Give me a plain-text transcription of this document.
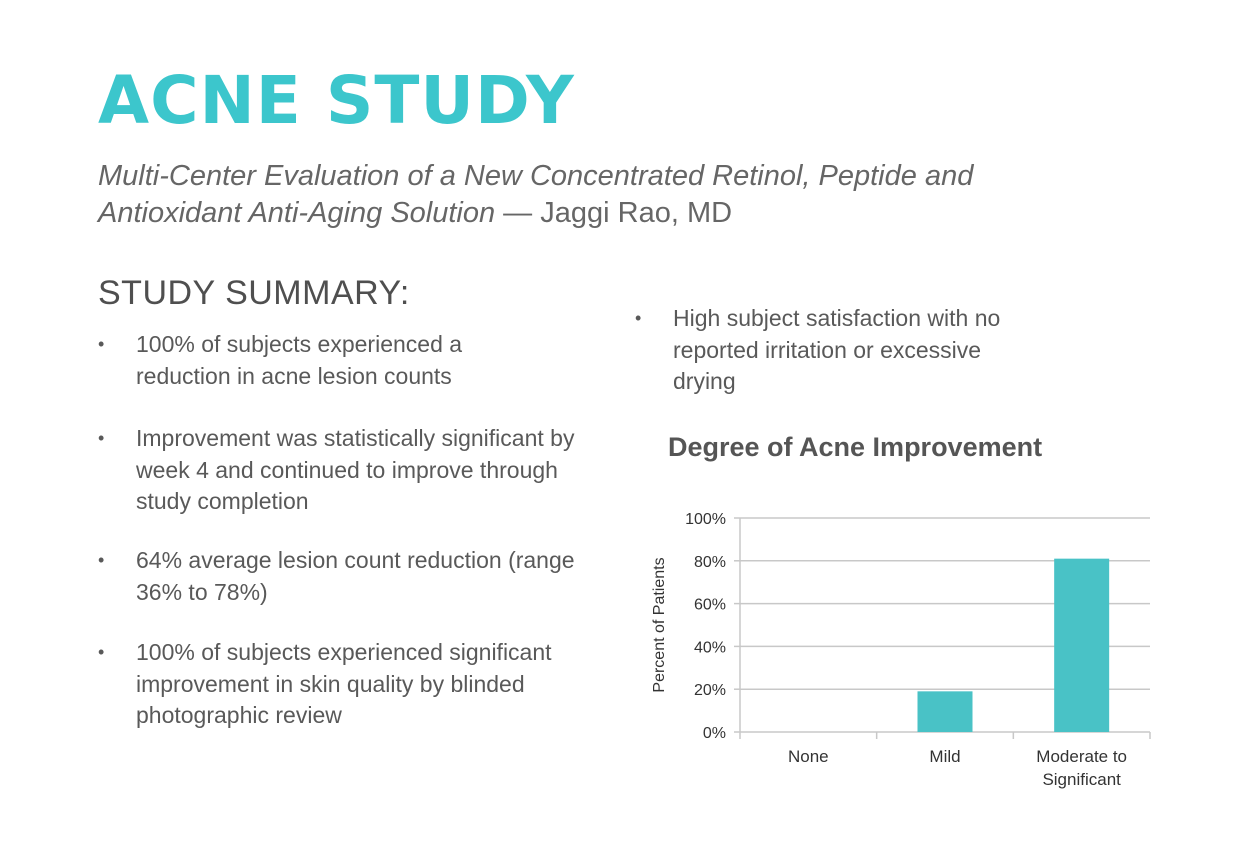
ACNE STUDY

Multi-Center Evaluation of a New Concentrated Retinol, Peptide and Antioxidant Anti-Aging Solution — Jaggi Rao, MD

STUDY SUMMARY:
• 100% of subjects experienced a reduction in acne lesion counts
• Improvement was statistically significant by week 4 and continued to improve through study completion
• 64% average lesion count reduction (range 36% to 78%)
• 100% of subjects experienced significant improvement in skin quality by blinded photographic review
• High subject satisfaction with no reported irritation or excessive drying
Degree of Acne Improvement
0%
20%
40%
60%
80%
100%
None	Mild	Moderate to
Significant
Percent of Patients
